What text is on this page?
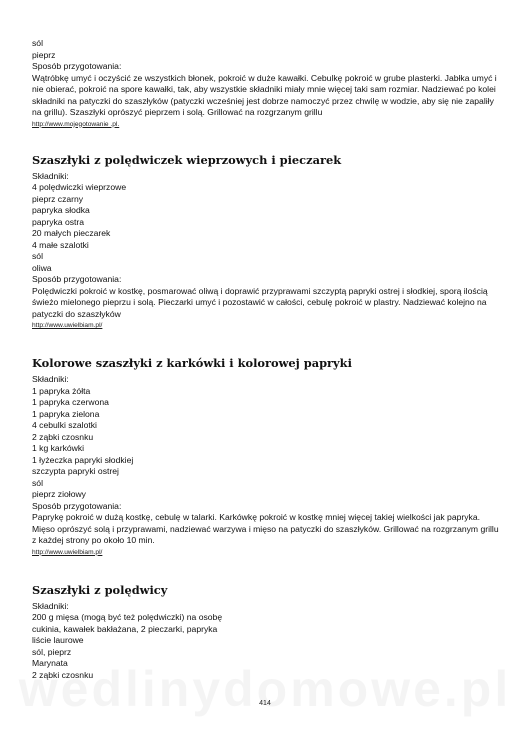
sól
pieprz
Sposób przygotowania:
Wątróbkę umyć i oczyścić ze wszystkich błonek, pokroić w duże kawałki. Cebulkę pokroić w grube plasterki. Jabłka umyć i nie obierać, pokroić na spore kawałki, tak, aby wszystkie składniki miały mnie więcej taki sam rozmiar. Nadziewać po kolei składniki na patyczki do szaszłyków (patyczki wcześniej jest dobrze namoczyć przez chwilę w wodzie, aby się nie zapaliły na grillu). Szaszłyki oprószyć pieprzem i solą. Grillować na rozgrzanym grillu
http://www.mojegotowanie .pl.
Szaszłyki z polędwiczek wieprzowych i pieczarek
Składniki:
4 polędwiczki wieprzowe
pieprz czarny
papryka słodka
papryka ostra
20 małych pieczarek
4 małe szalotki
sól
oliwa
Sposób przygotowania:
Polędwiczki pokroić w kostkę, posmarować oliwą i doprawić przyprawami szczyptą papryki ostrej i słodkiej, sporą ilością świeżo mielonego pieprzu i solą. Pieczarki umyć i pozostawić w całości, cebulę pokroić w plastry. Nadziewać kolejno na patyczki do szaszłyków
http://www.uwielbiam.pl/
Kolorowe szaszłyki z karkówki i kolorowej papryki
Składniki:
1 papryka żółta
1 papryka czerwona
1 papryka zielona
4 cebulki szalotki
2 ząbki czosnku
1 kg karkówki
1 łyżeczka papryki słodkiej
szczypta papryki ostrej
sól
pieprz ziołowy
Sposób przygotowania:
Paprykę pokroić w dużą kostkę, cebulę w talarki. Karkówkę pokroić w kostkę mniej więcej takiej wielkości jak papryka. Mięso oprószyć solą i przyprawami, nadziewać warzywa i mięso na patyczki do szaszłyków. Grillować na rozgrzanym grillu z każdej strony po około 10 min.
http://www.uwielbiam.pl/
Szaszłyki z polędwicy
Składniki:
200 g mięsa (mogą być też polędwiczki) na osobę
cukinia, kawałek bakłażana, 2 pieczarki, papryka
liście laurowe
sól, pieprz
Marynata
2 ząbki czosnku
414
